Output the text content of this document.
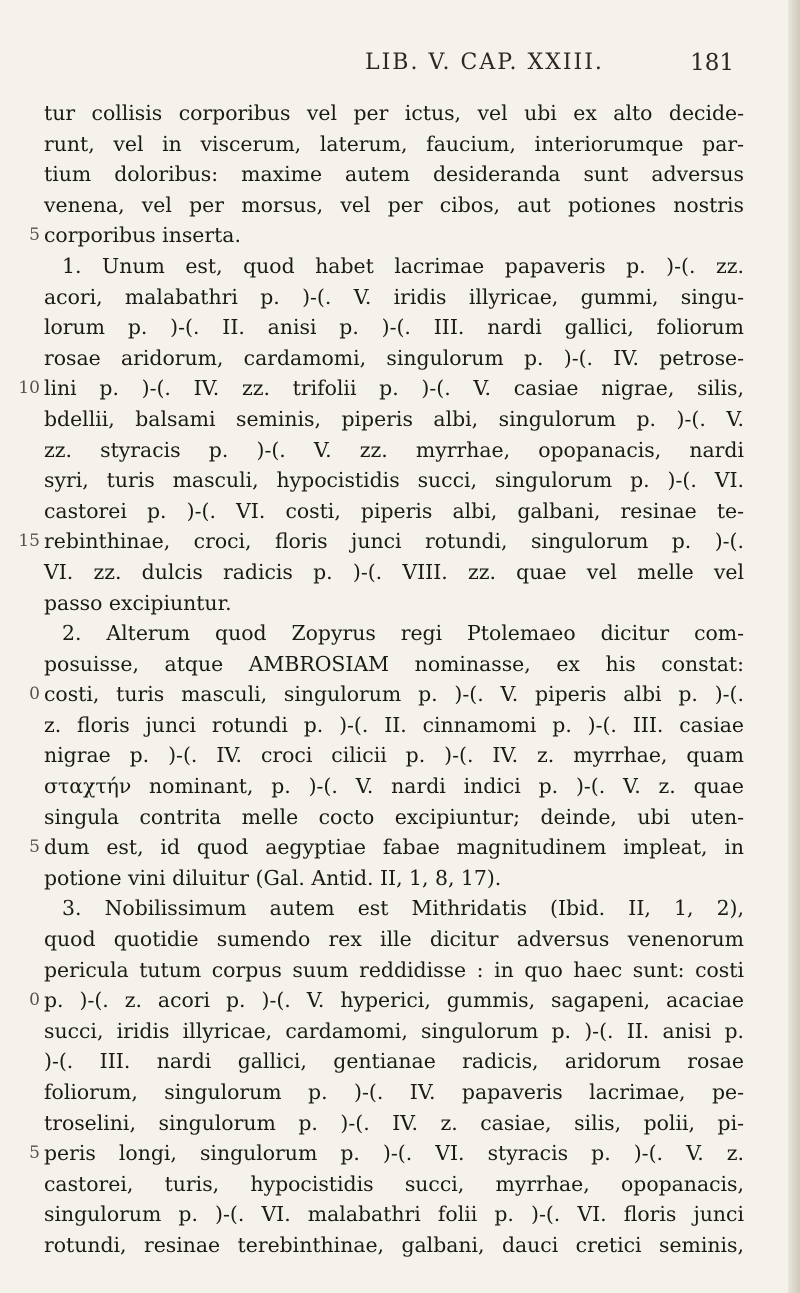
LIB. V. CAP. XXIII.	181
tur collisis corporibus vel per ictus, vel ubi ex alto decide-
runt, vel in viscerum, laterum, faucium, interiorumque par-
tium doloribus: maxime autem desideranda sunt adversus
venena, vel per morsus, vel per cibos, aut potiones nostris
5 corporibus inserta.
1. Unum est, quod habet lacrimae papaveris p. )-(. zz.
acori, malabathri p. )-(. V. iridis illyricae, gummi, singu-
lorum p. )-(. II. anisi p. )-(. III. nardi gallici, foliorum
rosae aridorum, cardamomi, singulorum p. )-(. IV. petrose-
10 lini p. )-(. IV. zz. trifolii p. )-(. V. casiae nigrae, silis,
bdellii, balsami seminis, piperis albi, singulorum p. )-(. V.
zz. styracis p. )-(. V. zz. myrrhae, opopanacis, nardi
syri, turis masculi, hypocistidis succi, singulorum p. )-(. VI.
castorei p. )-(. VI. costi, piperis albi, galbani, resinae te-
15 rebinthinae, croci, floris junci rotundi, singulorum p. )-(.
VI. zz. dulcis radicis p. )-(. VIII. zz. quae vel melle vel
passo excipiuntur.
2. Alterum quod Zopyrus regi Ptolemaeo dicitur com-
posuisse, atque AMBROSIAM nominasse, ex his constat:
0 costi, turis masculi, singulorum p. )-(. V. piperis albi p. )-(.
z. floris junci rotundi p. )-(. II. cinnamomi p. )-(. III. casiae
nigrae p. )-(. IV. croci cilicii p. )-(. IV. z. myrrhae, quam
σταχτήν nominant, p. )-(. V. nardi indici p. )-(. V. z. quae
singula contrita melle cocto excipiuntur; deinde, ubi uten-
5 dum est, id quod aegyptiae fabae magnitudinem impleat, in
potione vini diluitur (Gal. Antid. II, 1, 8, 17).
3. Nobilissimum autem est Mithridatis (Ibid. II, 1, 2),
quod quotidie sumendo rex ille dicitur adversus venenorum
pericula tutum corpus suum reddidisse : in quo haec sunt: costi
0 p. )-(. z. acori p. )-(. V. hyperici, gummis, sagapeni, acaciae
succi, iridis illyricae, cardamomi, singulorum p. )-(. II. anisi p.
)-(. III. nardi gallici, gentianae radicis, aridorum rosae
foliorum, singulorum p. )-(. IV. papaveris lacrimae, pe-
troselini, singulorum p. )-(. IV. z. casiae, silis, polii, pi-
5 peris longi, singulorum p. )-(. VI. styracis p. )-(. V. z.
castorei, turis, hypocistidis succi, myrrhae, opopanacis,
singulorum p. )-(. VI. malabathri folii p. )-(. VI. floris junci
rotundi, resinae terebinthinae, galbani, dauci cretici seminis,
